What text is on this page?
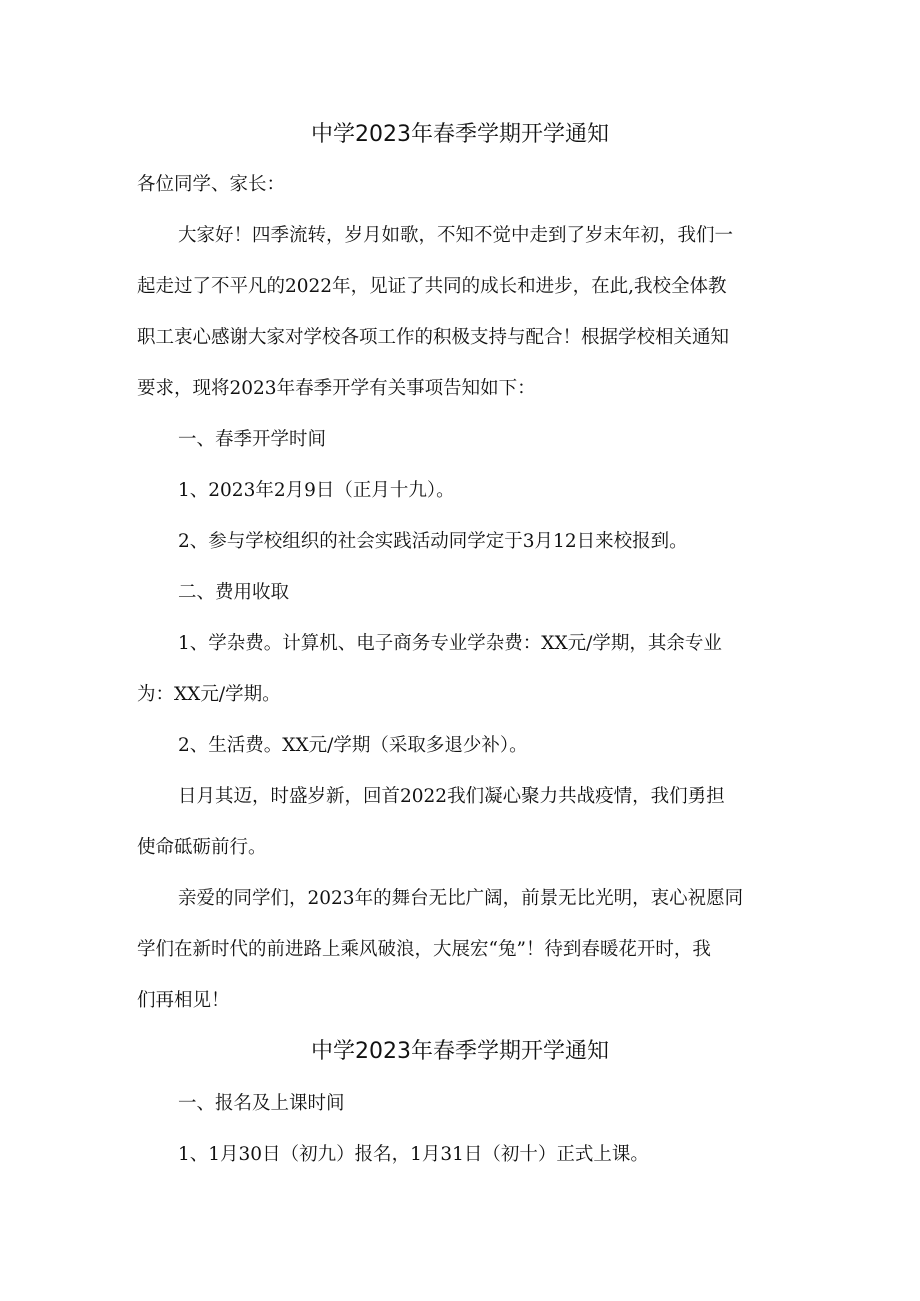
中学2023年春季学期开学通知
各位同学、家长：
大家好！四季流转，岁月如歌，不知不觉中走到了岁末年初，我们一
起走过了不平凡的2022年，见证了共同的成长和进步，在此,我校全体教
职工衷心感谢大家对学校各项工作的积极支持与配合！根据学校相关通知
要求，现将2023年春季开学有关事项告知如下：
一、春季开学时间
1、2023年2月9日（正月十九）。
2、参与学校组织的社会实践活动同学定于3月12日来校报到。
二、费用收取
1、学杂费。计算机、电子商务专业学杂费：XX元/学期，其余专业
为：XX元/学期。
2、生活费。XX元/学期（采取多退少补）。
日月其迈，时盛岁新，回首2022我们凝心聚力共战疫情，我们勇担
使命砥砺前行。
亲爱的同学们，2023年的舞台无比广阔，前景无比光明，衷心祝愿同
学们在新时代的前进路上乘风破浪，大展宏“兔”！待到春暖花开时，我
们再相见！
中学2023年春季学期开学通知
一、报名及上课时间
1、1月30日（初九）报名，1月31日（初十）正式上课。
